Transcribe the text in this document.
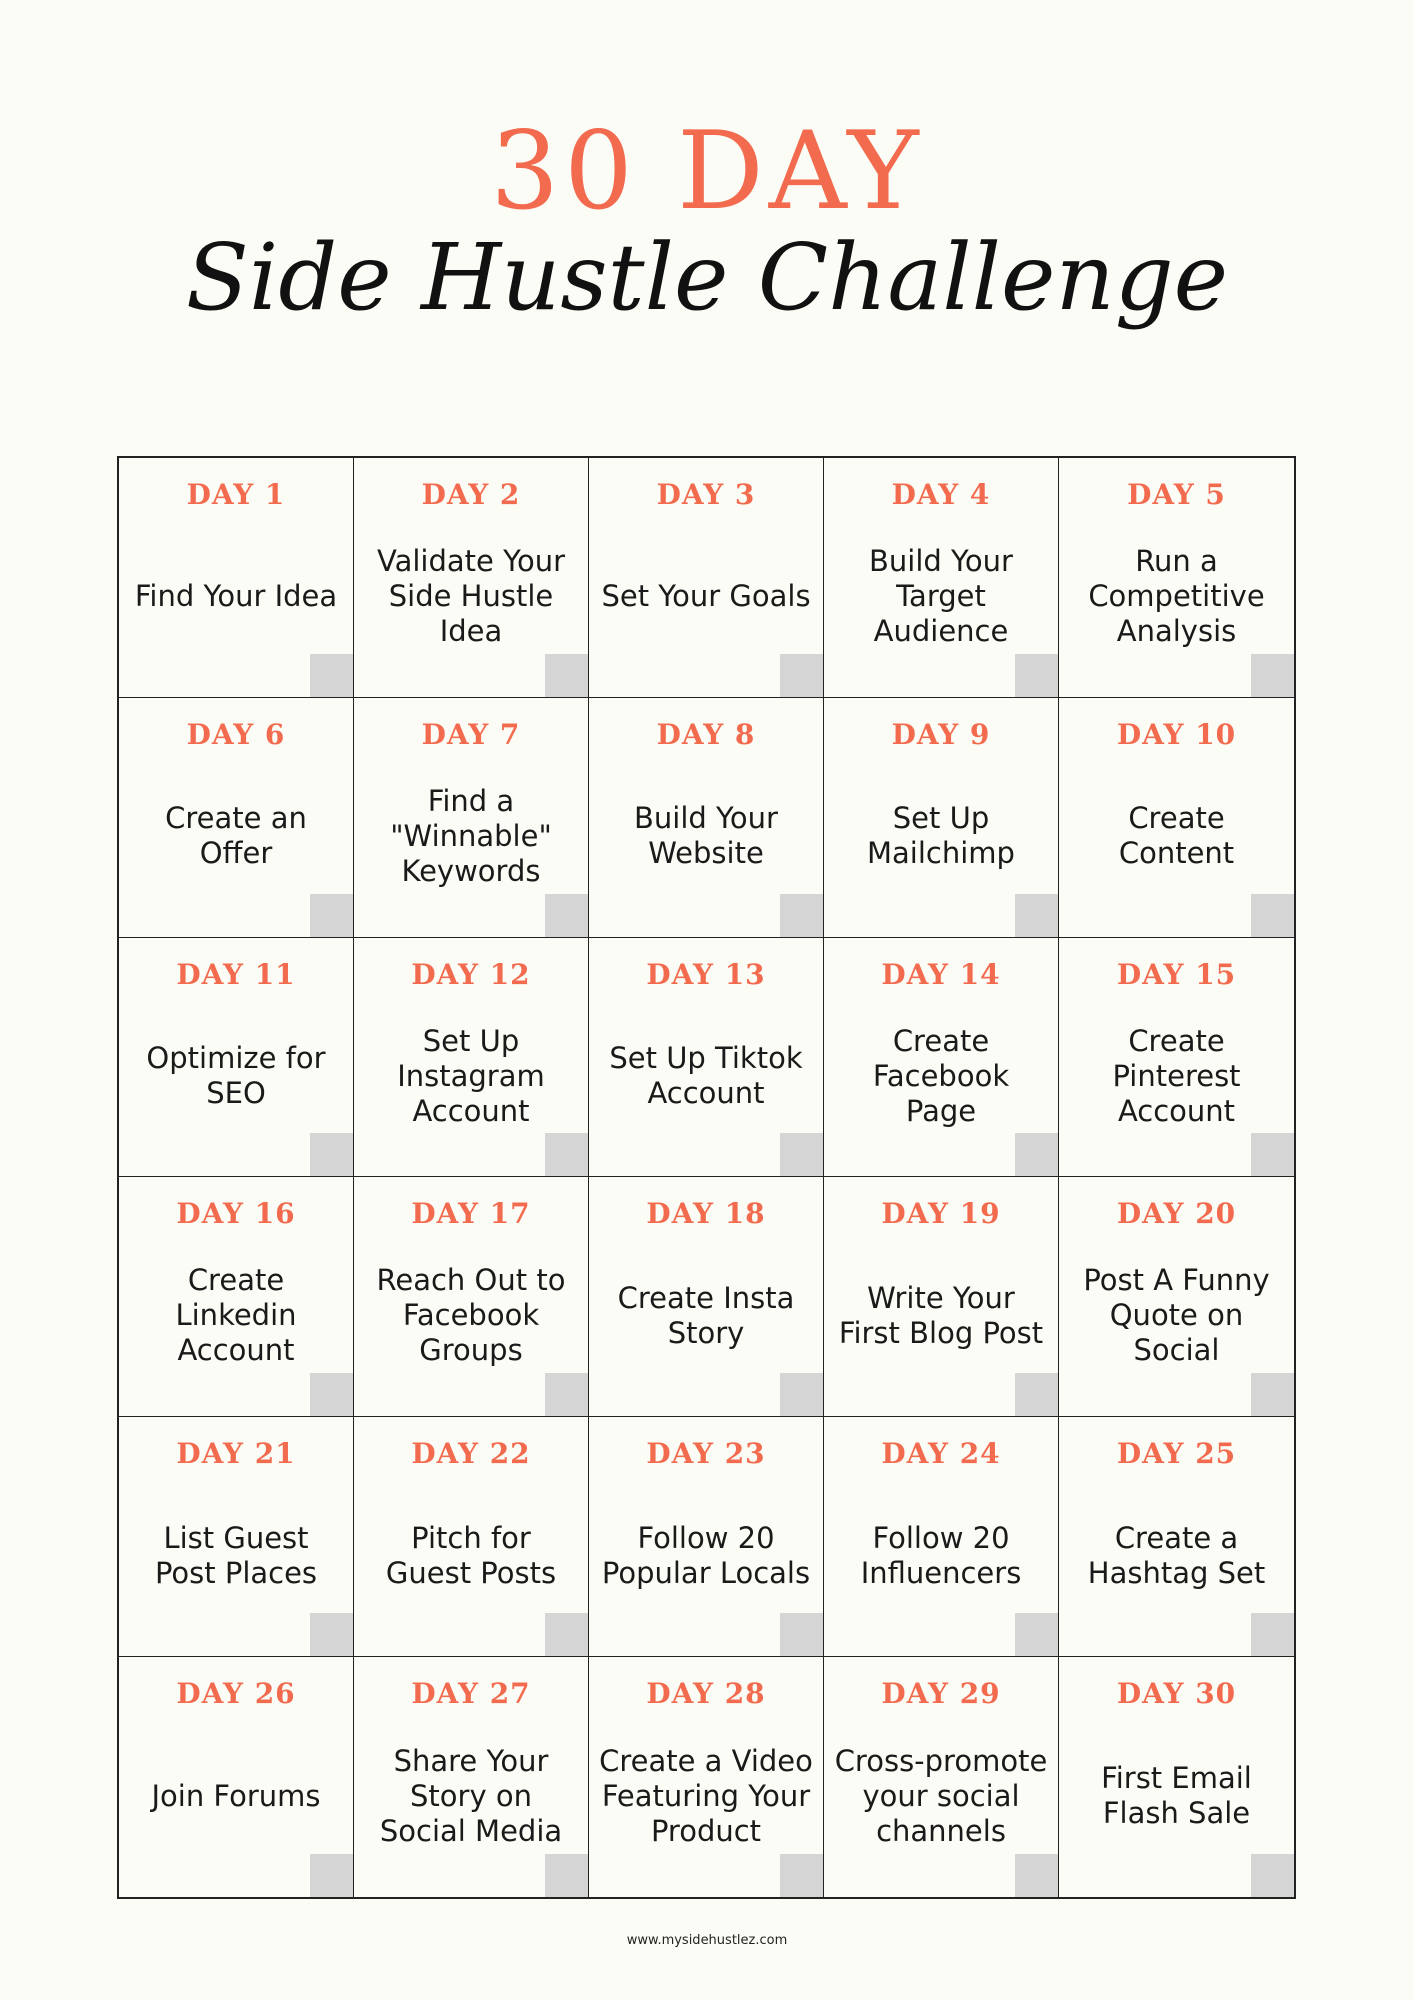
30 DAY
Side Hustle Challenge
DAY 1
Find Your Idea
DAY 2
Validate Your Side Hustle Idea
DAY 3
Set Your Goals
DAY 4
Build Your Target Audience
DAY 5
Run a Competitive Analysis
DAY 6
Create an Offer
DAY 7
Find a "Winnable" Keywords
DAY 8
Build Your Website
DAY 9
Set Up Mailchimp
DAY 10
Create Content
DAY 11
Optimize for SEO
DAY 12
Set Up Instagram Account
DAY 13
Set Up Tiktok Account
DAY 14
Create Facebook Page
DAY 15
Create Pinterest Account
DAY 16
Create Linkedin Account
DAY 17
Reach Out to Facebook Groups
DAY 18
Create Insta Story
DAY 19
Write Your First Blog Post
DAY 20
Post A Funny Quote on Social
DAY 21
List Guest Post Places
DAY 22
Pitch for Guest Posts
DAY 23
Follow 20 Popular Locals
DAY 24
Follow 20 Influencers
DAY 25
Create a Hashtag Set
DAY 26
Join Forums
DAY 27
Share Your Story on Social Media
DAY 28
Create a Video Featuring Your Product
DAY 29
Cross-promote your social channels
DAY 30
First Email Flash Sale
www.mysidehustlez.com
